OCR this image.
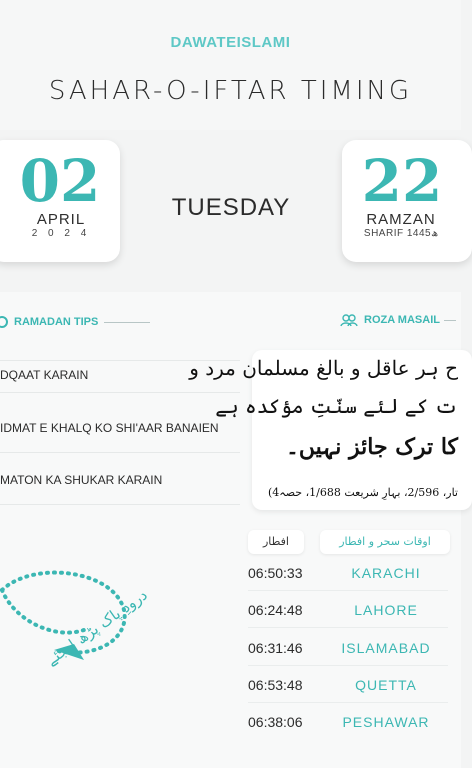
DAWATEISLAMI
SAHAR-O-IFTAR TIMING
02
APRIL
2 0 2 4
TUESDAY	22
RAMZAN
SHARIF 1445ھ
RAMADAN TIPS	ROZA MASAIL
DQAAT KARAIN
IDMAT E KHALQ KO SHI'AAR BANAIEN
MATON KA SHUKAR KARAIN
ح ہر عاقل و بالغ مسلمان مرد و
ت کے لئے سنّتِ مؤکدہ ہے
کا ترک جائز نہیں۔
تار، 2/596، بہارِ شریعت 1/688، حصہ4)
افطار	اوقات سحر و افطار
06:50:33	KARACHI
06:24:48	LAHORE
06:31:46	ISLAMABAD
06:53:48	QUETTA
06:38:06	PESHAWAR
درودِ پاک پڑھ لیجئے
